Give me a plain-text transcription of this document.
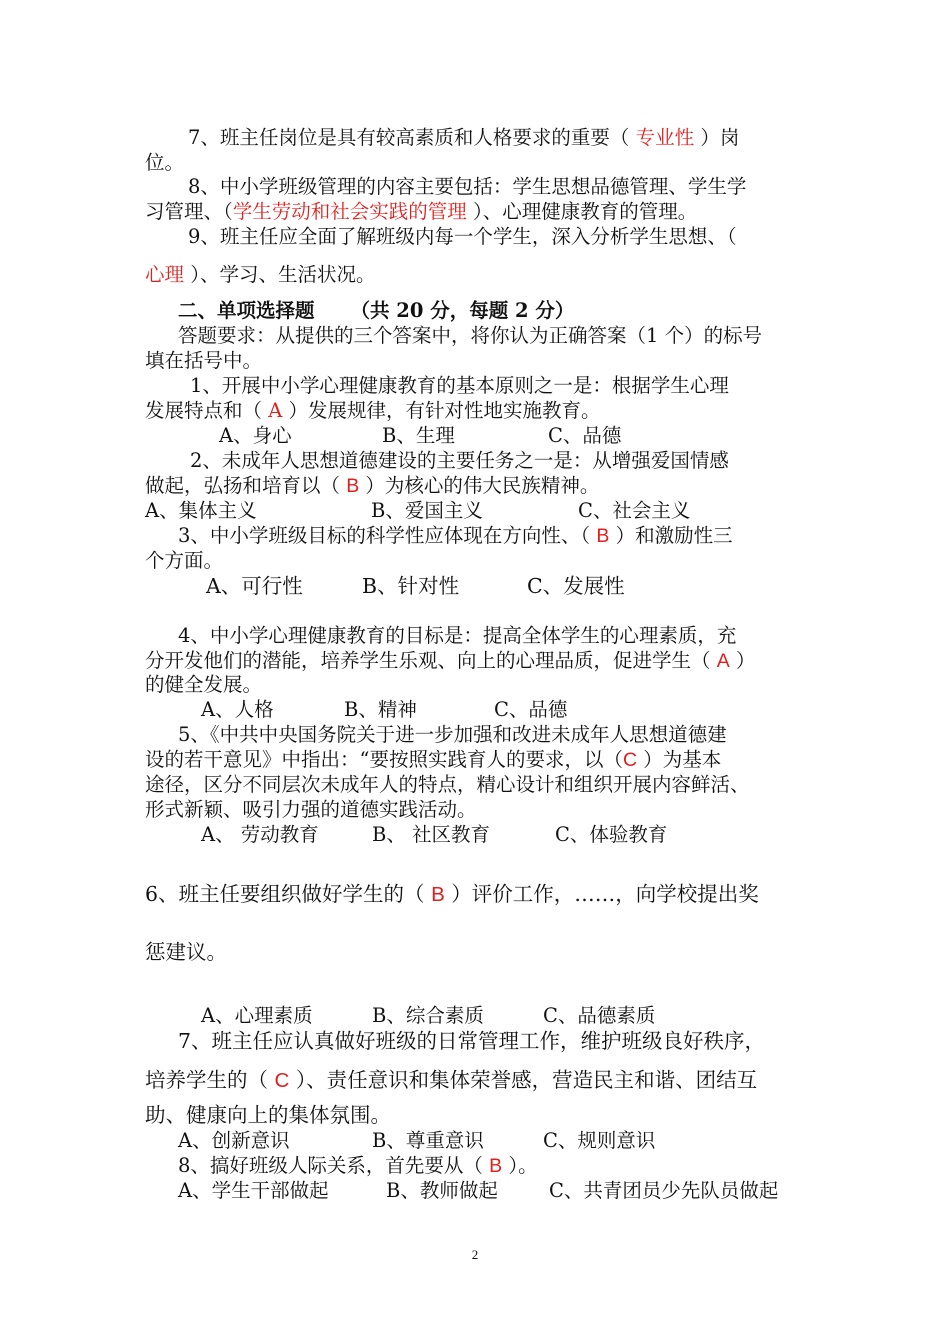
7、班主任岗位是具有较高素质和人格要求的重要（ 专业性 ）岗
位。
8、中小学班级管理的内容主要包括：学生思想品德管理、学生学
习管理、（学生劳动和社会实践的管理 ）、心理健康教育的管理。
9、班主任应全面了解班级内每一个学生，深入分析学生思想、（
心理 ）、学习、生活状况。
二、单项选择题 （共 20 分，每题 2 分）
答题要求：从提供的三个答案中，将你认为正确答案（1 个）的标号
填在括号中。
1、开展中小学心理健康教育的基本原则之一是：根据学生心理
发展特点和（ A ）发展规律，有针对性地实施教育。
A、身心	B、生理	C、品德
2、未成年人思想道德建设的主要任务之一是：从增强爱国情感
做起，弘扬和培育以（ B ）为核心的伟大民族精神。
A、集体主义	B、爱国主义	C、社会主义
3、中小学班级目标的科学性应体现在方向性、（ B ）和激励性三
个方面。
A、可行性	B、针对性	C、发展性
4、中小学心理健康教育的目标是：提高全体学生的心理素质，充
分开发他们的潜能，培养学生乐观、向上的心理品质，促进学生（ A ）
的健全发展。
A、人格	B、精神	C、品德
5、《中共中央国务院关于进一步加强和改进未成年人思想道德建
设的若干意见》中指出：“要按照实践育人的要求，以（C ）为基本
途径，区分不同层次未成年人的特点，精心设计和组织开展内容鲜活、
形式新颖、吸引力强的道德实践活动。
A、 劳动教育	B、 社区教育	C、体验教育
6、班主任要组织做好学生的（ B ）评价工作，……，向学校提出奖
惩建议。
A、心理素质	B、综合素质	C、品德素质
7、班主任应认真做好班级的日常管理工作，维护班级良好秩序，
培养学生的（ C ）、责任意识和集体荣誉感，营造民主和谐、团结互
助、健康向上的集体氛围。
A、创新意识	B、尊重意识	C、规则意识
8、搞好班级人际关系，首先要从（ B ）。
A、学生干部做起	B、教师做起	C、共青团员少先队员做起
2
